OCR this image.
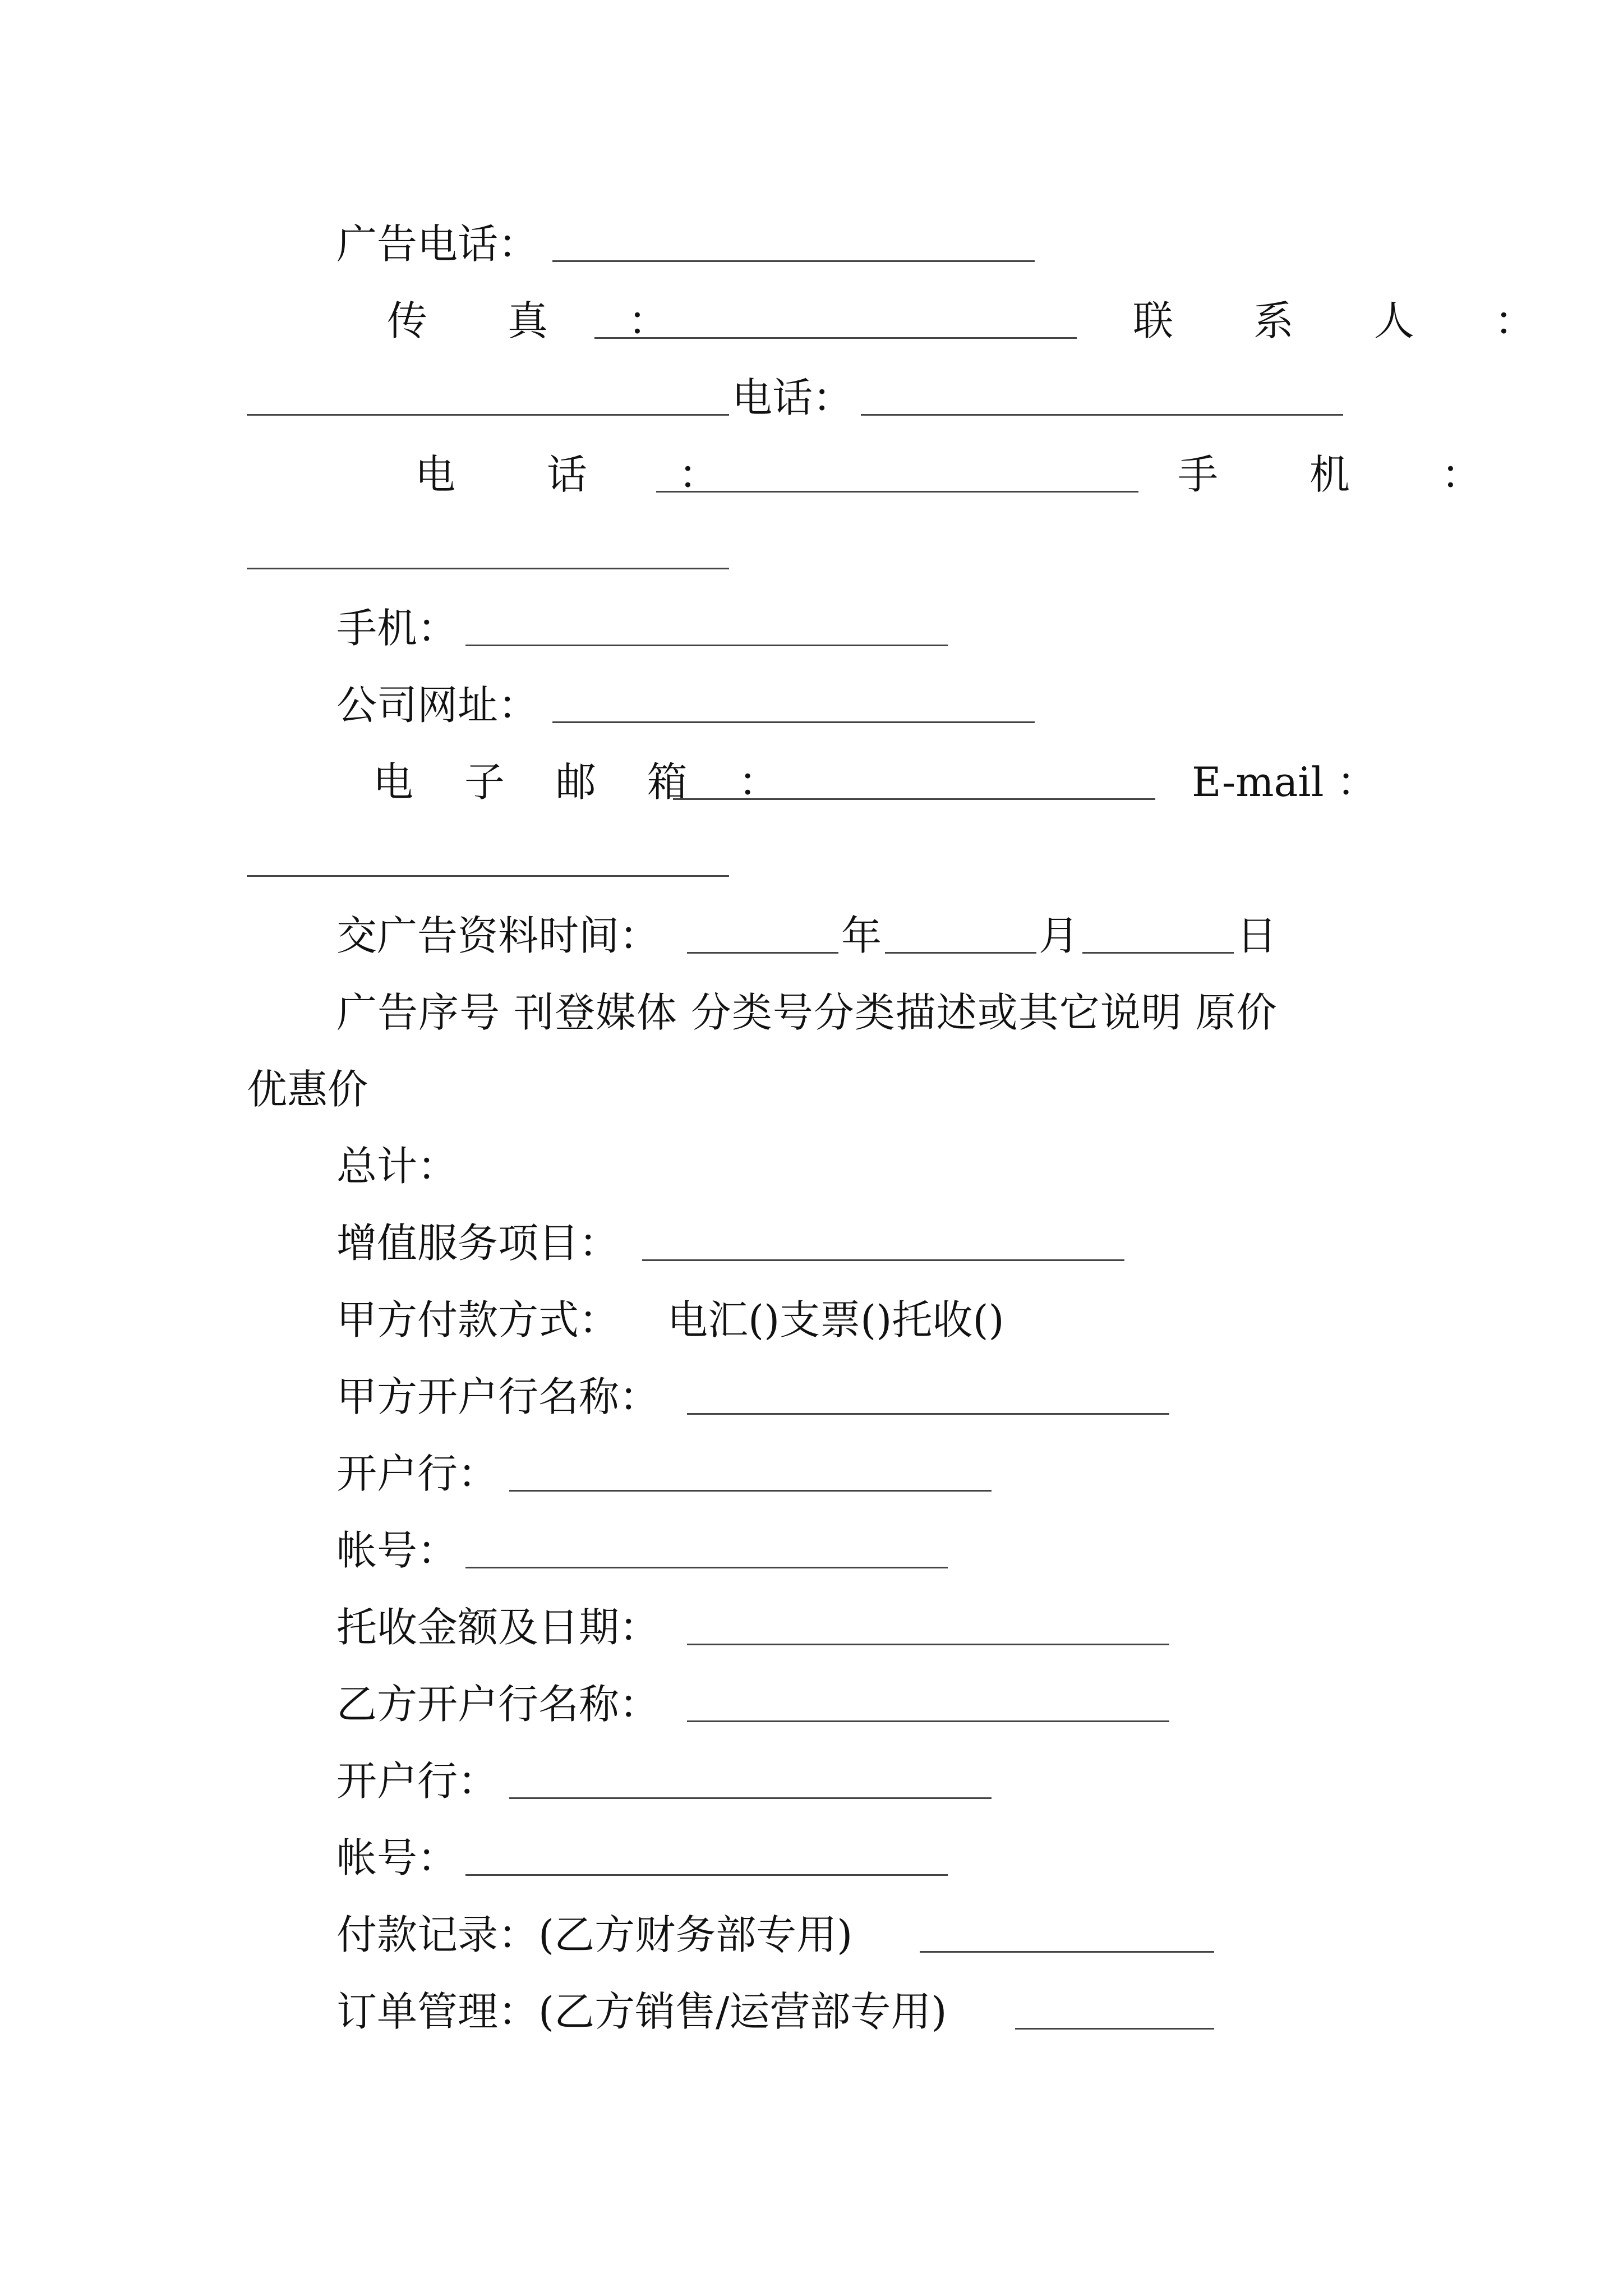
广告电话：
传 真 ：	联 系 人 ：
电话：
电 话 ：	手 机 ：
手机：
公司网址：
电 子 邮 箱 ：	E-mail ：
交广告资料时间：	年	月	日
广告序号 刊登媒体 分类号分类描述或其它说明 原价
优惠价
总计：
增值服务项目：
甲方付款方式： 电汇()支票()托收()
甲方开户行名称：
开户行：
帐号：
托收金额及日期：
乙方开户行名称：
开户行：
帐号：
付款记录：(乙方财务部专用)
订单管理：(乙方销售/运营部专用)
